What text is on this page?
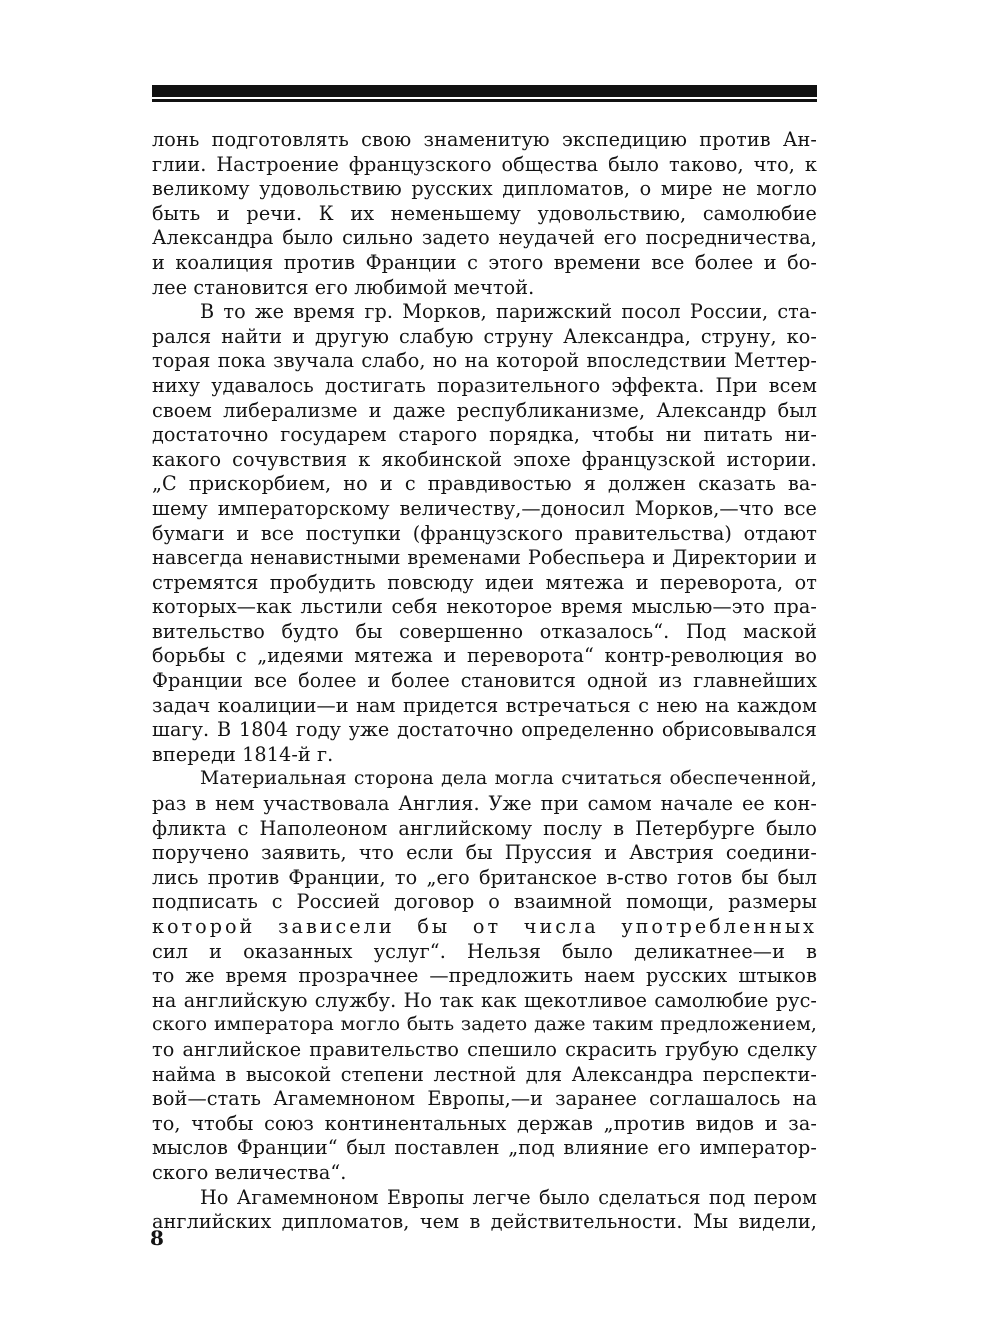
лонь подготовлять свою знаменитую экспедицию против Ан-
глии. Настроение французского общества было таково, что, к
великому удовольствию русских дипломатов, о мире не могло
быть и речи. К их неменьшему удовольствию, самолюбие
Александра было сильно задето неудачей его посредничества,
и коалиция против Франции с этого времени все более и бо-
лее становится его любимой мечтой.

В то же время гр. Морков, парижский посол России, ста-
рался найти и другую слабую струну Александра, струну, ко-
торая пока звучала слабо, но на которой впоследствии Меттер-
ниху удавалось достигать поразительного эффекта. При всем
своем либерализме и даже республиканизме, Александр был
достаточно государем старого порядка, чтобы ни питать ни-
какого сочувствия к якобинской эпохе французской истории.
„С прискорбием, но и с правдивостью я должен сказать ва-
шему императорскому величеству,—доносил Морков,—что все
бумаги и все поступки (французского правительства) отдают
навсегда ненавистными временами Робеспьера и Директории и
стремятся пробудить повсюду идеи мятежа и переворота, от
которых—как льстили себя некоторое время мыслью—это пра-
вительство будто бы совершенно отказалось“. Под маской
борьбы с „идеями мятежа и переворота“ контр-революция во
Франции все более и более становится одной из главнейших
задач коалиции—и нам придется встречаться с нею на каждом
шагу. В 1804 году уже достаточно определенно обрисовывался
впереди 1814-й г.

Материальная сторона дела могла считаться обеспеченной,
раз в нем участвовала Англия. Уже при самом начале ее кон-
фликта с Наполеоном английскому послу в Петербурге было
поручено заявить, что если бы Пруссия и Австрия соедини-
лись против Франции, то „его британское в-ство готов бы был
подписать с Россией договор о взаимной помощи, размеры
которой зависели бы от числа употребленных
сил и оказанных услуг“. Нельзя было деликатнее—и в
то же время прозрачнее —предложить наем русских штыков
на английскую службу. Но так как щекотливое самолюбие рус-
ского императора могло быть задето даже таким предложением,
то английское правительство спешило скрасить грубую сделку
найма в высокой степени лестной для Александра перспекти-
вой—стать Агамемноном Европы,—и заранее соглашалось на
то, чтобы союз континентальных держав „против видов и за-
мыслов Франции“ был поставлен „под влияние его император-
ского величества“.

Но Агамемноном Европы легче было сделаться под пером
английских дипломатов, чем в действительности. Мы видели,

8
